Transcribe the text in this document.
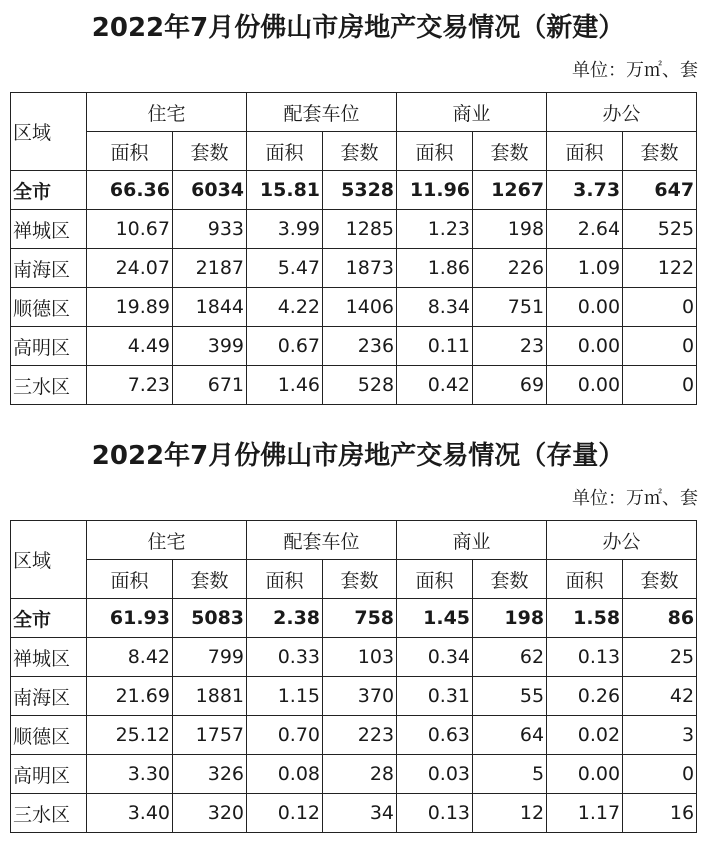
2022年7月份佛山市房地产交易情况（新建）
单位：万㎡、套
区域	住宅		配套车位		商业		办公	
	面积	套数	面积	套数	面积	套数	面积	套数
全市	66.36	6034	15.81	5328	11.96	1267	3.73	647
禅城区	10.67	933	3.99	1285	1.23	198	2.64	525
南海区	24.07	2187	5.47	1873	1.86	226	1.09	122
顺德区	19.89	1844	4.22	1406	8.34	751	0.00	0
高明区	4.49	399	0.67	236	0.11	23	0.00	0
三水区	7.23	671	1.46	528	0.42	69	0.00	0
2022年7月份佛山市房地产交易情况（存量）
单位：万㎡、套
区域	住宅		配套车位		商业		办公	
	面积	套数	面积	套数	面积	套数	面积	套数
全市	61.93	5083	2.38	758	1.45	198	1.58	86
禅城区	8.42	799	0.33	103	0.34	62	0.13	25
南海区	21.69	1881	1.15	370	0.31	55	0.26	42
顺德区	25.12	1757	0.70	223	0.63	64	0.02	3
高明区	3.30	326	0.08	28	0.03	5	0.00	0
三水区	3.40	320	0.12	34	0.13	12	1.17	16
